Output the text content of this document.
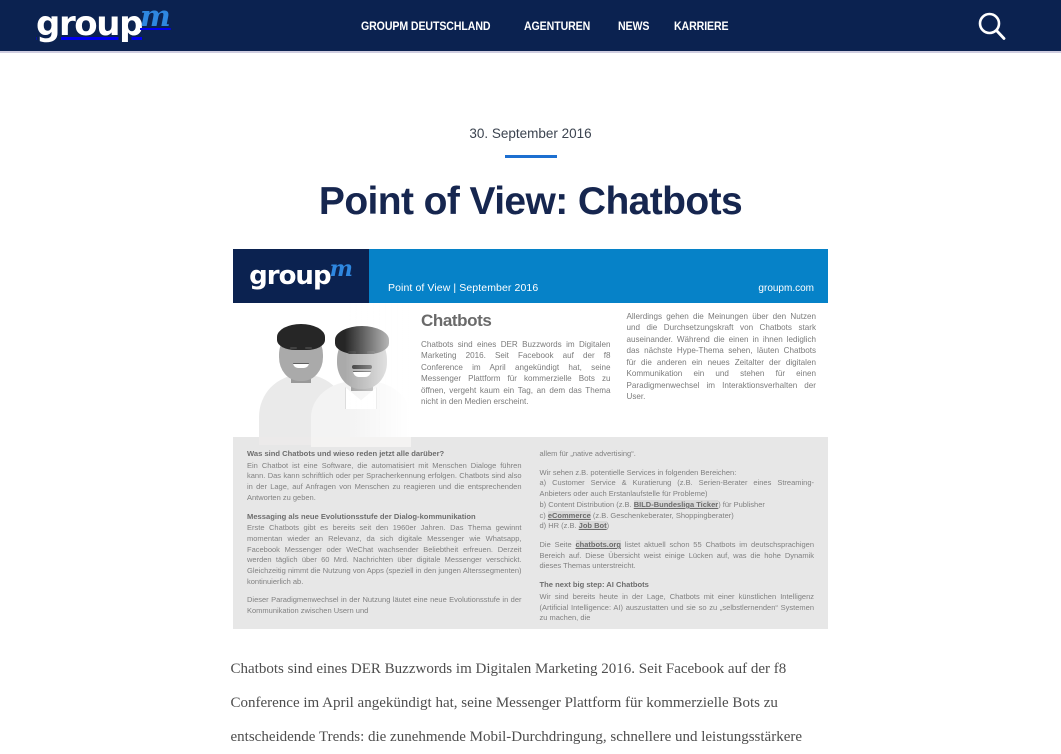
group
m	GROUPM DEUTSCHLAND	AGENTUREN NEWS KARRIERE
30. September 2016
Point of View: Chatbots
group m
Point of View | September 2016	groupm.com
Chatbots
Chatbots sind eines DER Buzzwords im Digitalen Marketing 2016. Seit Facebook auf der f8 Conference im April angekündigt hat, seine Messenger Plattform für kommerzielle Bots zu öffnen, vergeht kaum ein Tag, an dem das Thema nicht in den Medien erscheint.
Allerdings gehen die Meinungen über den Nutzen und die Durchsetzungskraft von Chatbots stark auseinander. Während die einen in ihnen lediglich das nächste Hype-Thema sehen, läuten Chatbots für die anderen ein neues Zeitalter der digitalen Kommunikation ein und stehen für einen Paradigmenwechsel im Interaktionsverhalten der User.
Was sind Chatbots und wieso reden jetzt alle darüber?
Ein Chatbot ist eine Software, die automatisiert mit Menschen Dialoge führen kann. Das kann schriftlich oder per Spracherkennung erfolgen. Chatbots sind also in der Lage, auf Anfragen von Menschen zu reagieren und die entsprechenden Antworten zu geben.
Messaging als neue Evolutionsstufe der Dialog-kommunikation
Erste Chatbots gibt es bereits seit den 1960er Jahren. Das Thema gewinnt momentan wieder an Relevanz, da sich digitale Messenger wie Whatsapp, Facebook Messenger oder WeChat wachsender Beliebtheit erfreuen. Derzeit werden täglich über 60 Mrd. Nachrichten über digitale Messenger verschickt. Gleichzeitig nimmt die Nutzung von Apps (speziell in den jungen Alterssegmenten) kontinuierlich ab.
Dieser Paradigmenwechsel in der Nutzung läutet eine neue Evolutionsstufe in der Kommunikation zwischen Usern und
allem für „native advertising“.
Wir sehen z.B. potentielle Services in folgenden Bereichen:
a) Customer Service & Kuratierung (z.B. Serien-Berater eines Streaming-Anbieters oder auch Erstanlaufstelle für Probleme)
b) Content Distribution (z.B. BILD-Bundesliga Ticker) für Publisher
c) eCommerce (z.B. Geschenkeberater, Shoppingberater)
d) HR (z.B. Job Bot)
Die Seite chatbots.org listet aktuell schon 55 Chatbots im deutschsprachigen Bereich auf. Diese Übersicht weist einige Lücken auf, was die hohe Dynamik dieses Themas unterstreicht.
The next big step: AI Chatbots
Wir sind bereits heute in der Lage, Chatbots mit einer künstlichen Intelligenz (Artificial Intelligence: AI) auszustatten und sie so zu „selbstlernenden“ Systemen zu machen, die
Chatbots sind eines DER Buzzwords im Digitalen Marketing 2016. Seit Facebook auf der f8 Conference im April angekündigt hat, seine Messenger Plattform für kommerzielle Bots zu
entscheidende Trends: die zunehmende Mobil-Durchdringung, schnellere und leistungsstärkere
